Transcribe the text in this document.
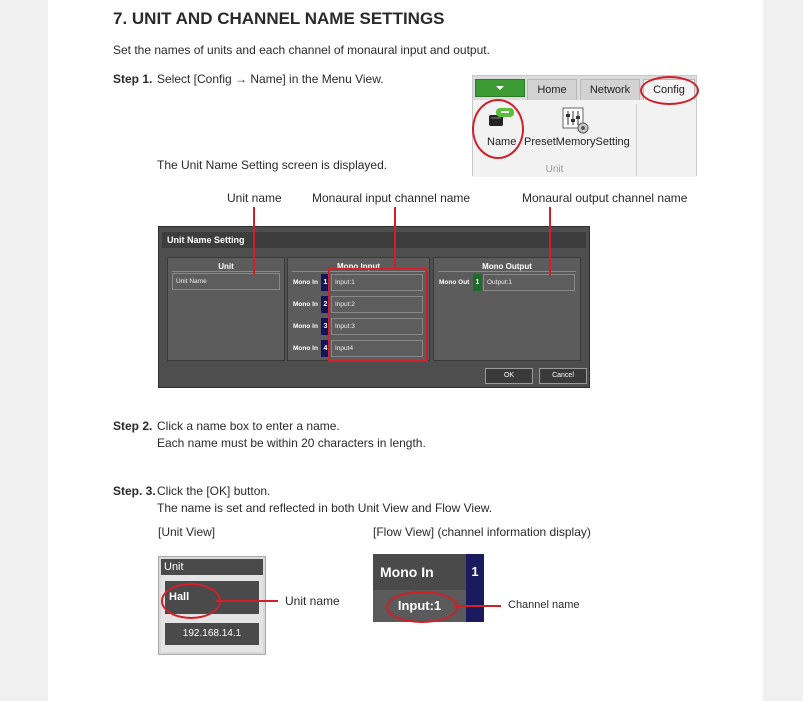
7. UNIT AND CHANNEL NAME SETTINGS
Set the names of units and each channel of monaural input and output.
Step 1. Select [Config → Name] in the Menu View.
The Unit Name Setting screen is displayed.
Home	Network	Config
Name PresetMemorySetting
Unit
Unit name	Monaural input channel name	Monaural output channel name
Unit Name Setting
Unit
Unit Name
Mono Input
Mono In 1	Input:1
Mono In 2	Input:2
Mono In 3	Input:3
Mono In 4	Input4
Mono Output
Mono Out 1	Output:1
OK	Cancel
Step 2. Click a name box to enter a name.
Each name must be within 20 characters in length.
Step. 3. Click the [OK] button.
The name is set and reflected in both Unit View and Flow View.
[Unit View]	[Flow View] (channel information display)
Unit
Hall
192.168.14.1
Unit name
Mono In	1
Input:1	Channel name
